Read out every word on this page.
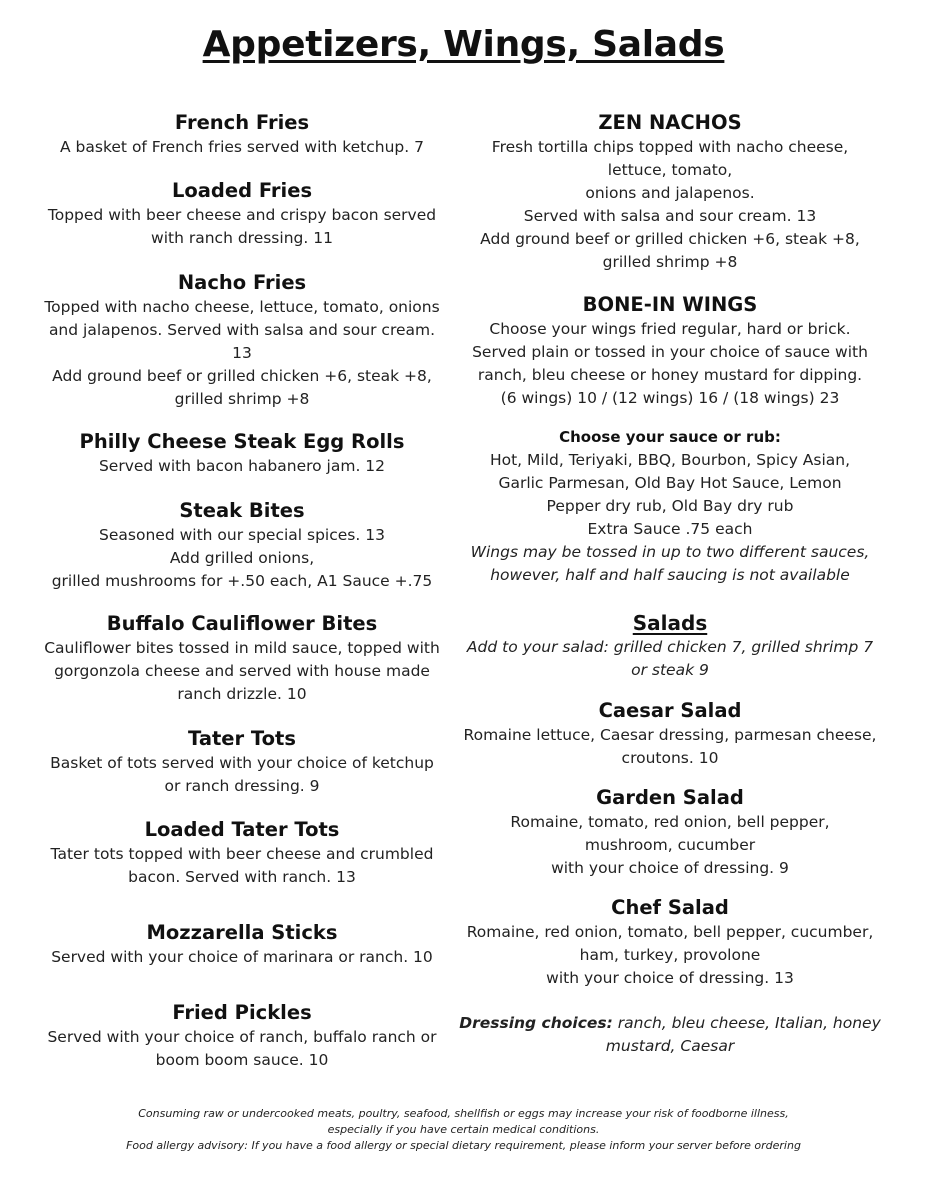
Appetizers, Wings, Salads
French Fries
A basket of French fries served with ketchup. 7
Loaded Fries
Topped with beer cheese and crispy bacon served
with ranch dressing. 11
Nacho Fries
Topped with nacho cheese, lettuce, tomato, onions
and jalapenos. Served with salsa and sour cream.
13
Add ground beef or grilled chicken +6, steak +8,
grilled shrimp +8
Philly Cheese Steak Egg Rolls
Served with bacon habanero jam. 12
Steak Bites
Seasoned with our special spices. 13
Add grilled onions,
grilled mushrooms for +.50 each, A1 Sauce +.75
Buffalo Cauliflower Bites
Cauliflower bites tossed in mild sauce, topped with
gorgonzola cheese and served with house made
ranch drizzle. 10
Tater Tots
Basket of tots served with your choice of ketchup
or ranch dressing. 9
Loaded Tater Tots
Tater tots topped with beer cheese and crumbled
bacon. Served with ranch. 13
Mozzarella Sticks
Served with your choice of marinara or ranch. 10
Fried Pickles
Served with your choice of ranch, buffalo ranch or
boom boom sauce. 10
ZEN NACHOS
Fresh tortilla chips topped with nacho cheese,
lettuce, tomato,
onions and jalapenos.
Served with salsa and sour cream. 13
Add ground beef or grilled chicken +6, steak +8,
grilled shrimp +8
BONE-IN WINGS
Choose your wings fried regular, hard or brick.
Served plain or tossed in your choice of sauce with
ranch, bleu cheese or honey mustard for dipping.
(6 wings) 10 / (12 wings) 16 / (18 wings) 23
Choose your sauce or rub:
Hot, Mild, Teriyaki, BBQ, Bourbon, Spicy Asian,
Garlic Parmesan, Old Bay Hot Sauce, Lemon
Pepper dry rub, Old Bay dry rub
Extra Sauce .75 each
Wings may be tossed in up to two different sauces,
however, half and half saucing is not available
Salads
Add to your salad: grilled chicken 7, grilled shrimp 7
or steak 9
Caesar Salad
Romaine lettuce, Caesar dressing, parmesan cheese,
croutons. 10
Garden Salad
Romaine, tomato, red onion, bell pepper,
mushroom, cucumber
with your choice of dressing. 9
Chef Salad
Romaine, red onion, tomato, bell pepper, cucumber,
ham, turkey, provolone
with your choice of dressing. 13
Dressing choices: ranch, bleu cheese, Italian, honey
mustard, Caesar
Consuming raw or undercooked meats, poultry, seafood, shellfish or eggs may increase your risk of foodborne illness,
especially if you have certain medical conditions.
Food allergy advisory: If you have a food allergy or special dietary requirement, please inform your server before ordering
